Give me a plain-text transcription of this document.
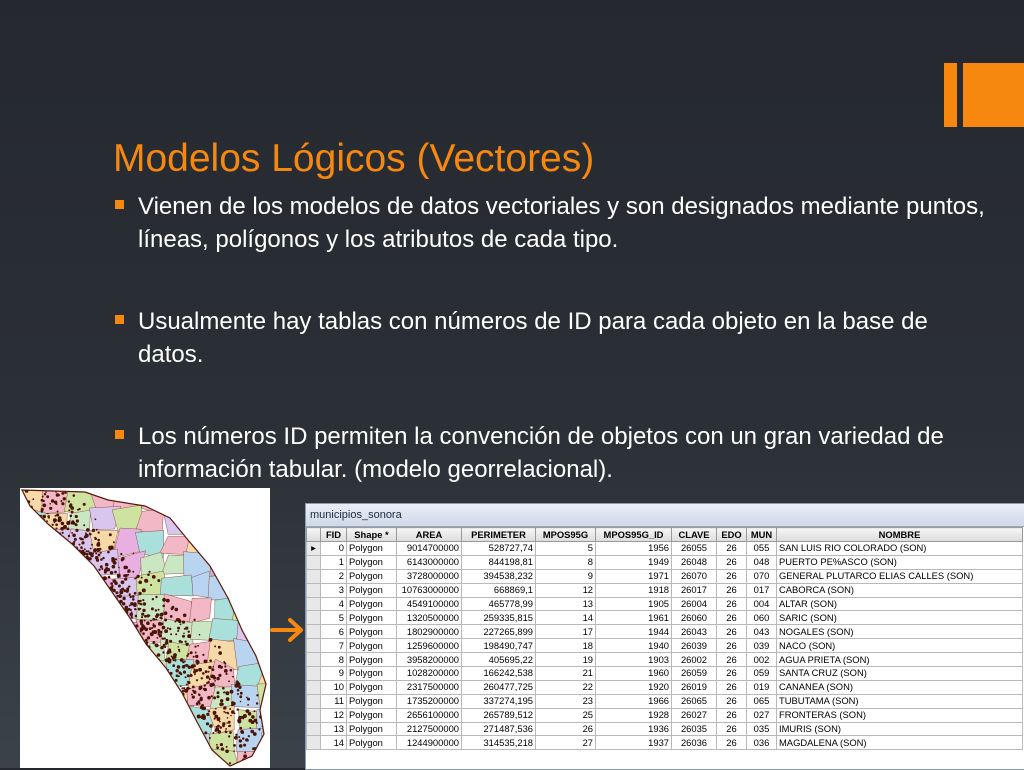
Modelos Lógicos (Vectores)
Vienen de los modelos de datos vectoriales y son designados mediante puntos, líneas, polígonos y los atributos de cada tipo.
Usualmente hay tablas con números de ID para cada objeto en la base de datos.
Los números ID permiten la convención de objetos con un gran variedad de información tabular. (modelo georrelacional).
municipios_sonora
	FID	Shape *	AREA	PERIMETER	MPOS95G	MPOS95G_ID	CLAVE	EDO	MUN	NOMBRE
▸	0	Polygon	9014700000	528727,74	5	1956	26055	26	055	SAN LUIS RIO COLORADO (SON)
	1	Polygon	6143000000	844198,81	8	1949	26048	26	048	PUERTO PE%ASCO (SON)
	2	Polygon	3728000000	394538,232	9	1971	26070	26	070	GENERAL PLUTARCO ELIAS CALLES (SON)
	3	Polygon	10763000000	668869,1	12	1918	26017	26	017	CABORCA (SON)
	4	Polygon	4549100000	465778,99	13	1905	26004	26	004	ALTAR (SON)
	5	Polygon	1320500000	259335,815	14	1961	26060	26	060	SARIC (SON)
	6	Polygon	1802900000	227265,899	17	1944	26043	26	043	NOGALES (SON)
	7	Polygon	1259600000	198490,747	18	1940	26039	26	039	NACO (SON)
	8	Polygon	3958200000	405695,22	19	1903	26002	26	002	AGUA PRIETA (SON)
	9	Polygon	1028200000	166242,538	21	1960	26059	26	059	SANTA CRUZ (SON)
	10	Polygon	2317500000	260477,725	22	1920	26019	26	019	CANANEA (SON)
	11	Polygon	1735200000	337274,195	23	1966	26065	26	065	TUBUTAMA (SON)
	12	Polygon	2656100000	265789,512	25	1928	26027	26	027	FRONTERAS (SON)
	13	Polygon	2127500000	271487,536	26	1936	26035	26	035	IMURIS (SON)
	14	Polygon	1244900000	314535,218	27	1937	26036	26	036	MAGDALENA (SON)
